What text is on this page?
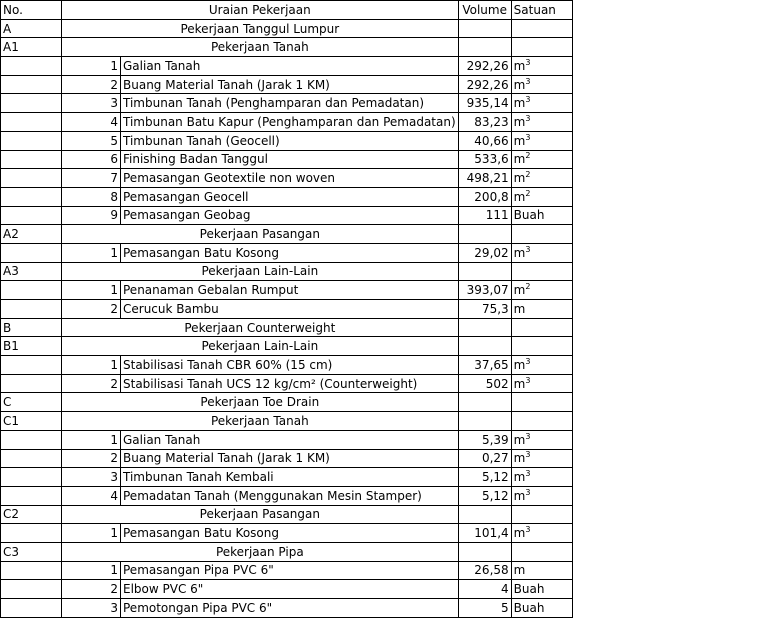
No.	Uraian Pekerjaan		Volume	Satuan
A	Pekerjaan Tanggul Lumpur			
A1	Pekerjaan Tanah			
	1	Galian Tanah	292,26	$m^3$
	2	Buang Material Tanah (Jarak 1 KM)	292,26	$m^3$
	3	Timbunan Tanah (Penghamparan dan Pemadatan)	935,14	$m^3$
	4	Timbunan Batu Kapur (Penghamparan dan Pemadatan)	83,23	$m^3$
	5	Timbunan Tanah (Geocell)	40,66	$m^3$
	6	Finishing Badan Tanggul	533,6	$m^2$
	7	Pemasangan Geotextile non woven	498,21	$m^2$
	8	Pemasangan Geocell	200,8	$m^2$
	9	Pemasangan Geobag	111	Buah
A2	Pekerjaan Pasangan			
	1	Pemasangan Batu Kosong	29,02	$m^3$
A3	Pekerjaan Lain-Lain			
	1	Penanaman Gebalan Rumput	393,07	$m^2$
	2	Cerucuk Bambu	75,3	m
B	Pekerjaan Counterweight			
B1	Pekerjaan Lain-Lain			
	1	Stabilisasi Tanah CBR 60% (15 cm)	37,65	$m^3$
	2	Stabilisasi Tanah UCS 12 kg/cm² (Counterweight)	502	$m^3$
C	Pekerjaan Toe Drain			
C1	Pekerjaan Tanah			
	1	Galian Tanah	5,39	$m^3$
	2	Buang Material Tanah (Jarak 1 KM)	0,27	$m^3$
	3	Timbunan Tanah Kembali	5,12	$m^3$
	4	Pemadatan Tanah (Menggunakan Mesin Stamper)	5,12	$m^3$
C2	Pekerjaan Pasangan			
	1	Pemasangan Batu Kosong	101,4	$m^3$
C3	Pekerjaan Pipa			
	1	Pemasangan Pipa PVC 6"	26,58	m
	2	Elbow PVC 6"	4	Buah
	3	Pemotongan Pipa PVC 6"	5	Buah
